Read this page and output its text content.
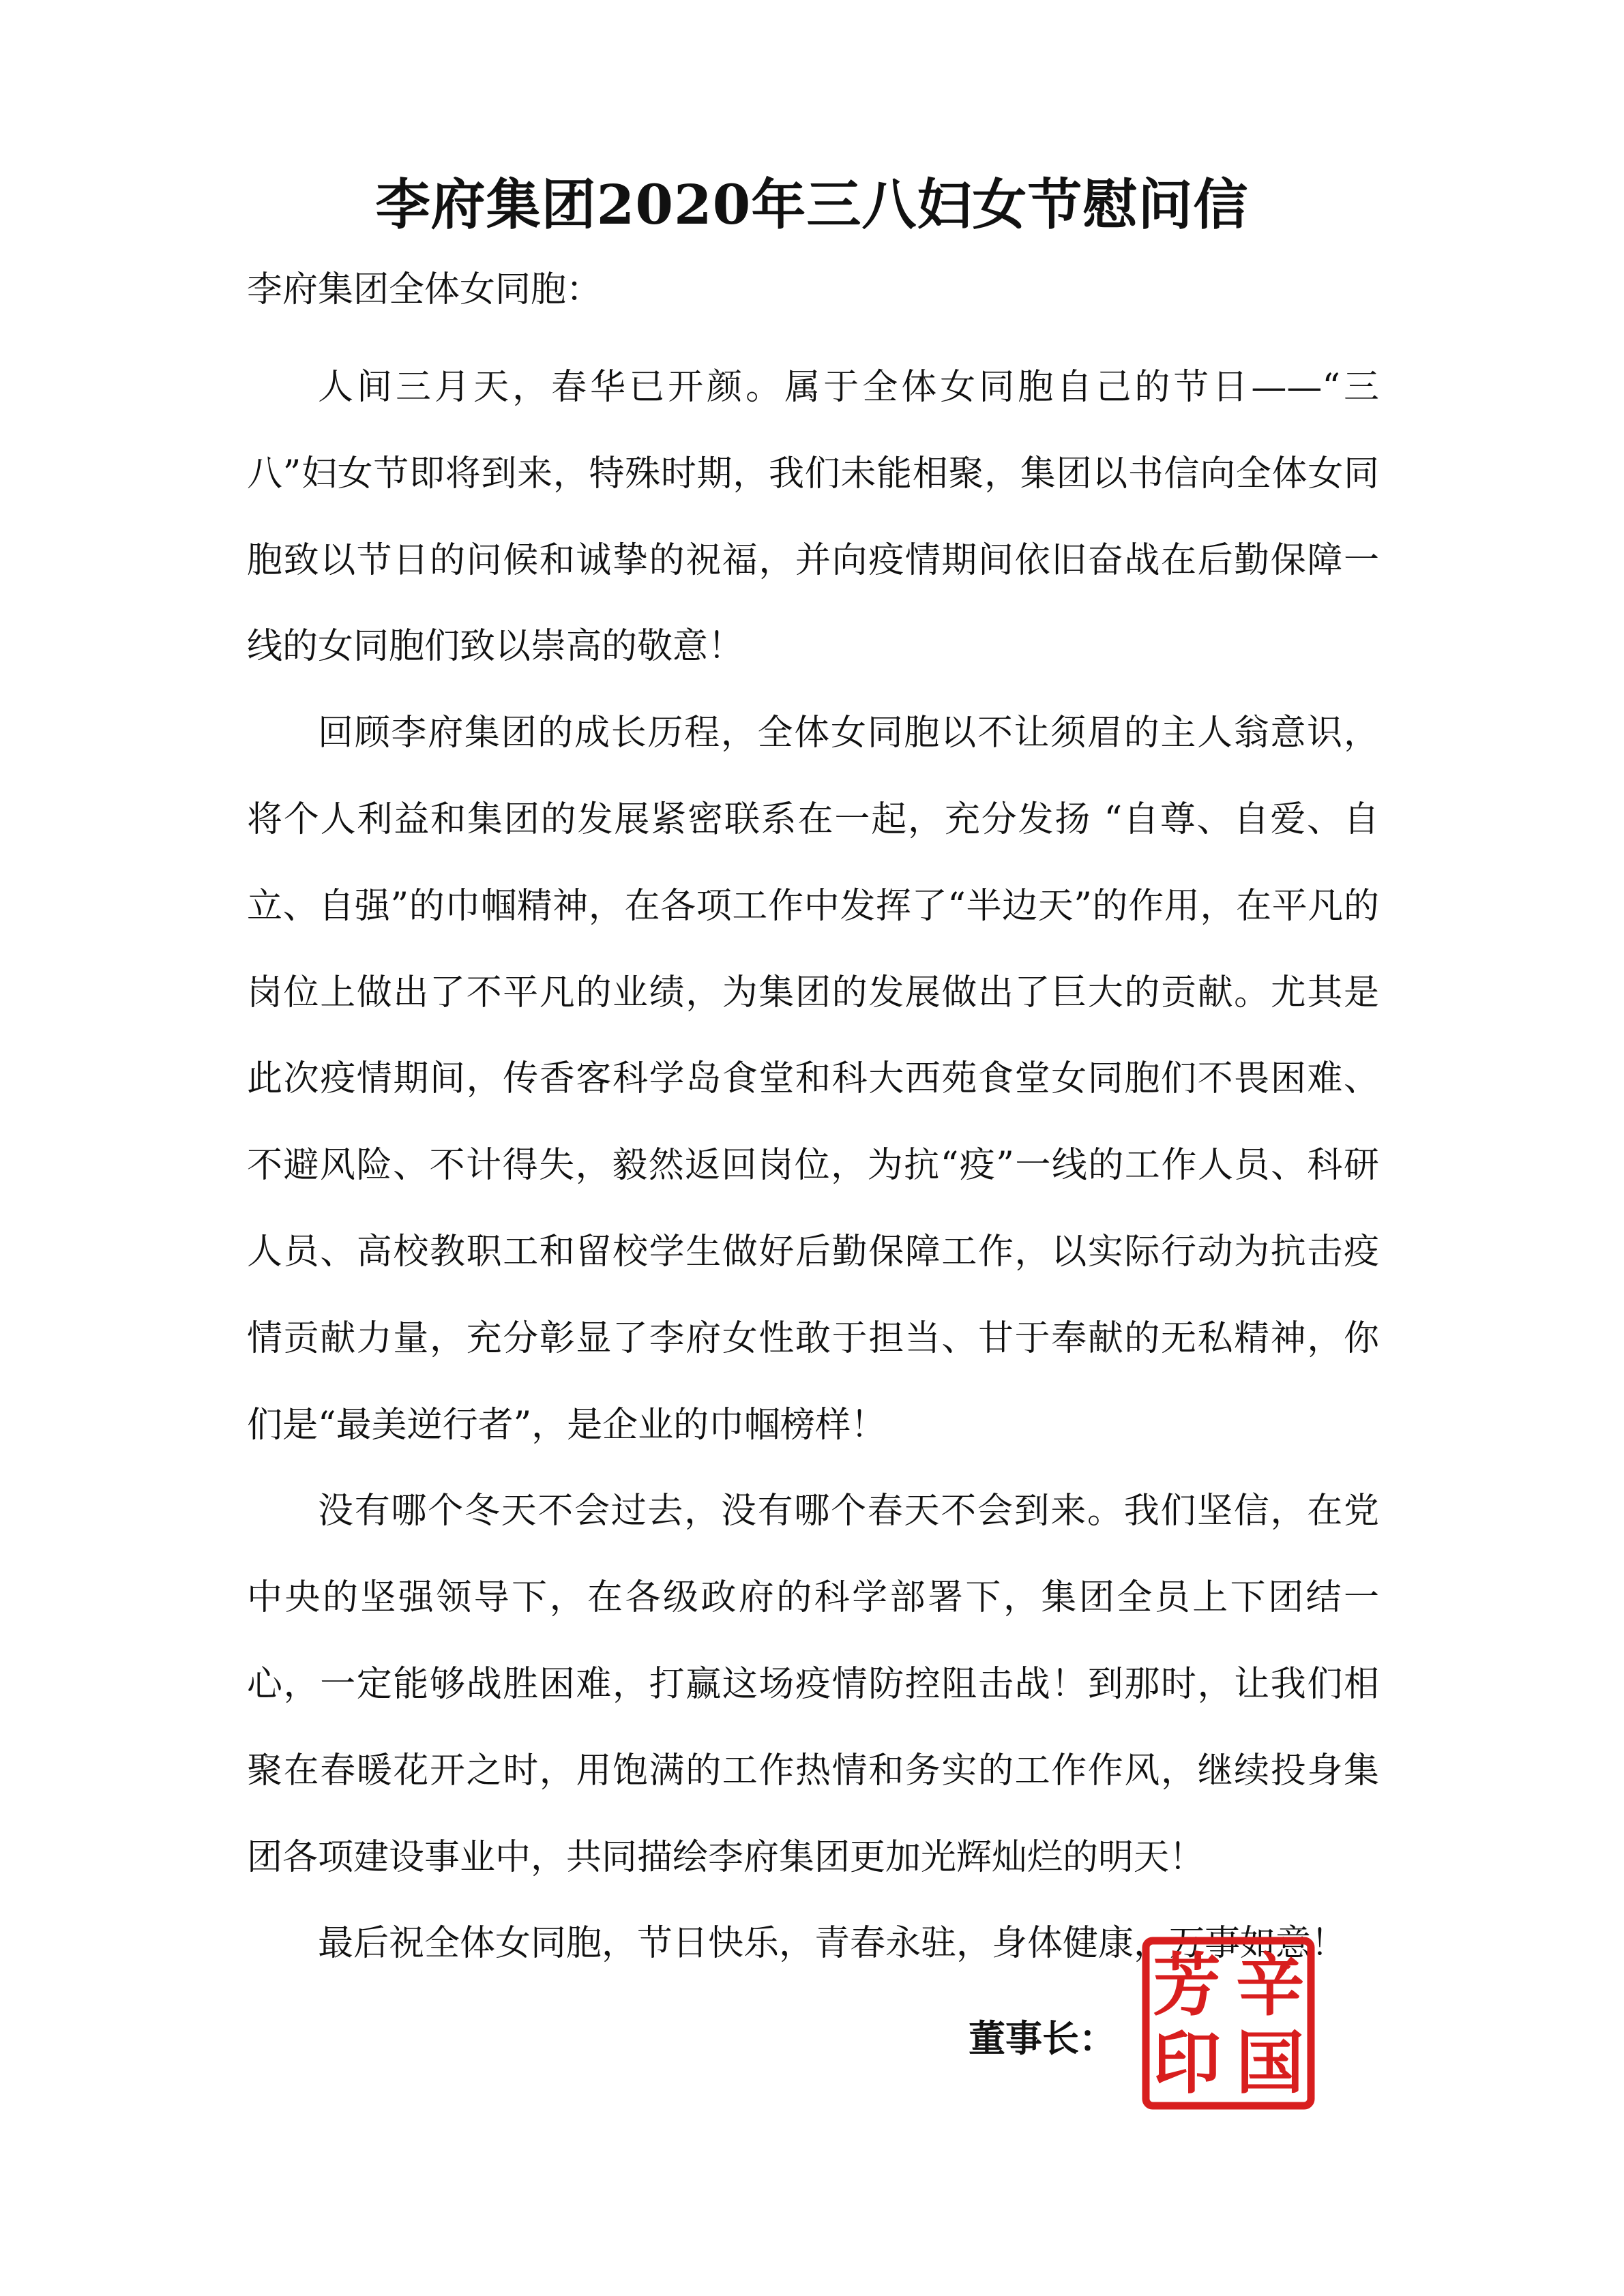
李府集团2020年三八妇女节慰问信
李府集团全体女同胞：

人间三月天，春华已开颜。属于全体女同胞自己的节日——“三八”妇女节即将到来，特殊时期，我们未能相聚，集团以书信向全体女同胞致以节日的问候和诚挚的祝福，并向疫情期间依旧奋战在后勤保障一线的女同胞们致以崇高的敬意！

回顾李府集团的成长历程，全体女同胞以不让须眉的主人翁意识，将个人利益和集团的发展紧密联系在一起，充分发扬 “自尊、自爱、自立、自强”的巾帼精神，在各项工作中发挥了“半边天”的作用，在平凡的岗位上做出了不平凡的业绩，为集团的发展做出了巨大的贡献。尤其是此次疫情期间，传香客科学岛食堂和科大西苑食堂女同胞们不畏困难、不避风险、不计得失，毅然返回岗位，为抗“疫”一线的工作人员、科研人员、高校教职工和留校学生做好后勤保障工作，以实际行动为抗击疫情贡献力量，充分彰显了李府女性敢于担当、甘于奉献的无私精神，你们是“最美逆行者”，是企业的巾帼榜样！

没有哪个冬天不会过去，没有哪个春天不会到来。我们坚信，在党中央的坚强领导下，在各级政府的科学部署下，集团全员上下团结一心，一定能够战胜困难，打赢这场疫情防控阻击战！到那时，让我们相聚在春暖花开之时，用饱满的工作热情和务实的工作作风，继续投身集团各项建设事业中，共同描绘李府集团更加光辉灿烂的明天！

最后祝全体女同胞，节日快乐，青春永驻，身体健康，万事如意！

董事长：
辛
国
芳
印
